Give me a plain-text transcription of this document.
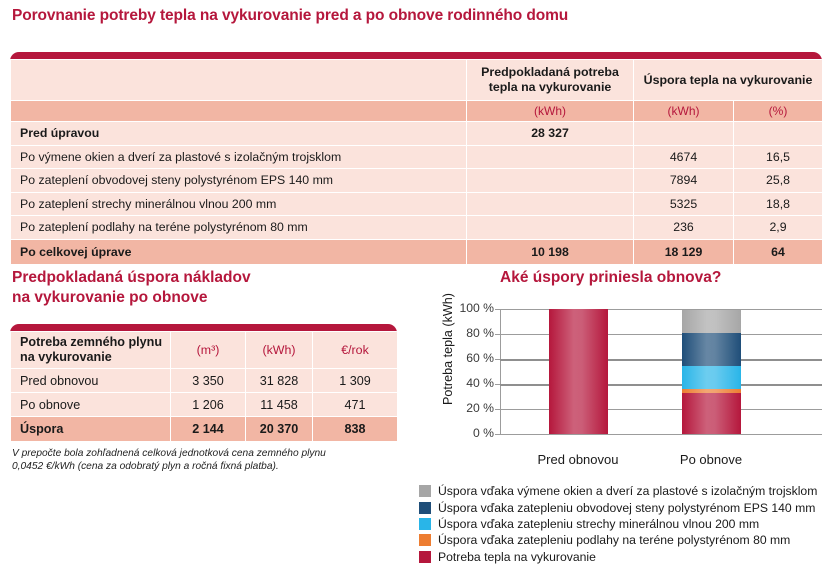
Porovnanie potreby tepla na vykurovanie pred a po obnove rodinného domu
	Predpokladaná potreba tepla na vykurovanie	Úspora tepla na vykurovanie	
	(kWh)	(kWh)	(%)
Pred úpravou	28 327		
Po výmene okien a dverí za plastové s izolačným trojsklom		4674	16,5
Po zateplení obvodovej steny polystyrénom EPS 140 mm		7894	25,8
Po zateplení strechy minerálnou vlnou 200 mm		5325	18,8
Po zateplení podlahy na teréne polystyrénom 80 mm		236	2,9
Po celkovej úprave	10 198	18 129	64
Predpokladaná úspora nákladov
na vykurovanie po obnove
Potreba zemného plynu na vykurovanie	(m³)	(kWh)	€/rok
Pred obnovou	3 350	31 828	1 309
Po obnove	1 206	11 458	471
Úspora	2 144	20 370	838
V prepočte bola zohľadnená celková jednotková cena zemného plynu
0,0452 €/kWh (cena za odobratý plyn a ročná fixná platba).
Aké úspory priniesla obnova?
Potreba tepla (kWh)
0 %
20 %
40 %
60 %
80 %
100 %
Pred obnovou	Po obnove
Úspora vďaka výmene okien a dverí za plastové s izolačným trojsklom
Úspora vďaka zatepleniu obvodovej steny polystyrénom EPS 140 mm
Úspora vďaka zatepleniu strechy minerálnou vlnou 200 mm
Úspora vďaka zatepleniu podlahy na teréne polystyrénom 80 mm
Potreba tepla na vykurovanie
